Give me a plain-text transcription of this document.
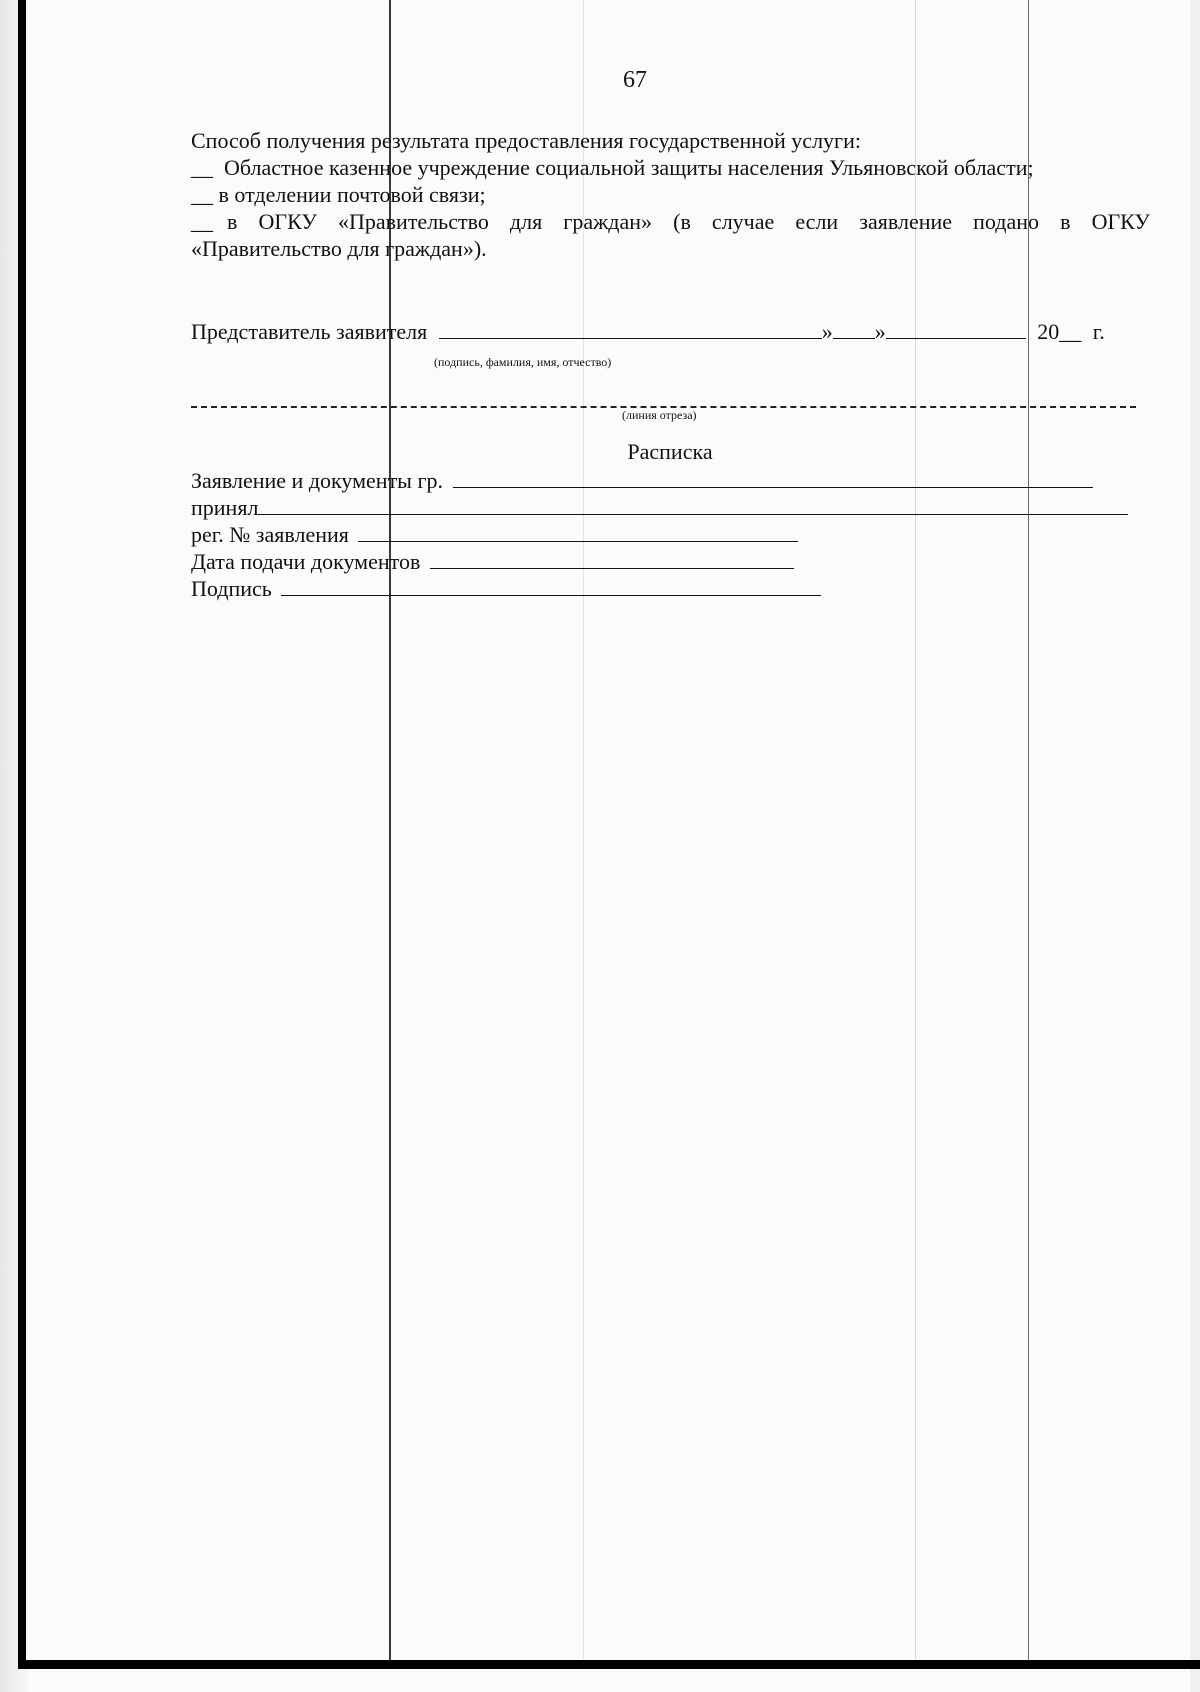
67
Способ получения результата предоставления государственной услуги:
__ Областное казенное учреждение социальной защиты населения Ульяновской области;
__ в отделении почтовой связи;
__ в ОГКУ «Правительство для граждан» (в случае если заявление подано в ОГКУ
«Правительство для граждан»).
Представитель заявителя	» »	20__ г.
(подпись, фамилия, имя, отчество)
(линия отреза)
Расписка
Заявление и документы гр.
принял
рег. № заявления
Дата подачи документов
Подпись
